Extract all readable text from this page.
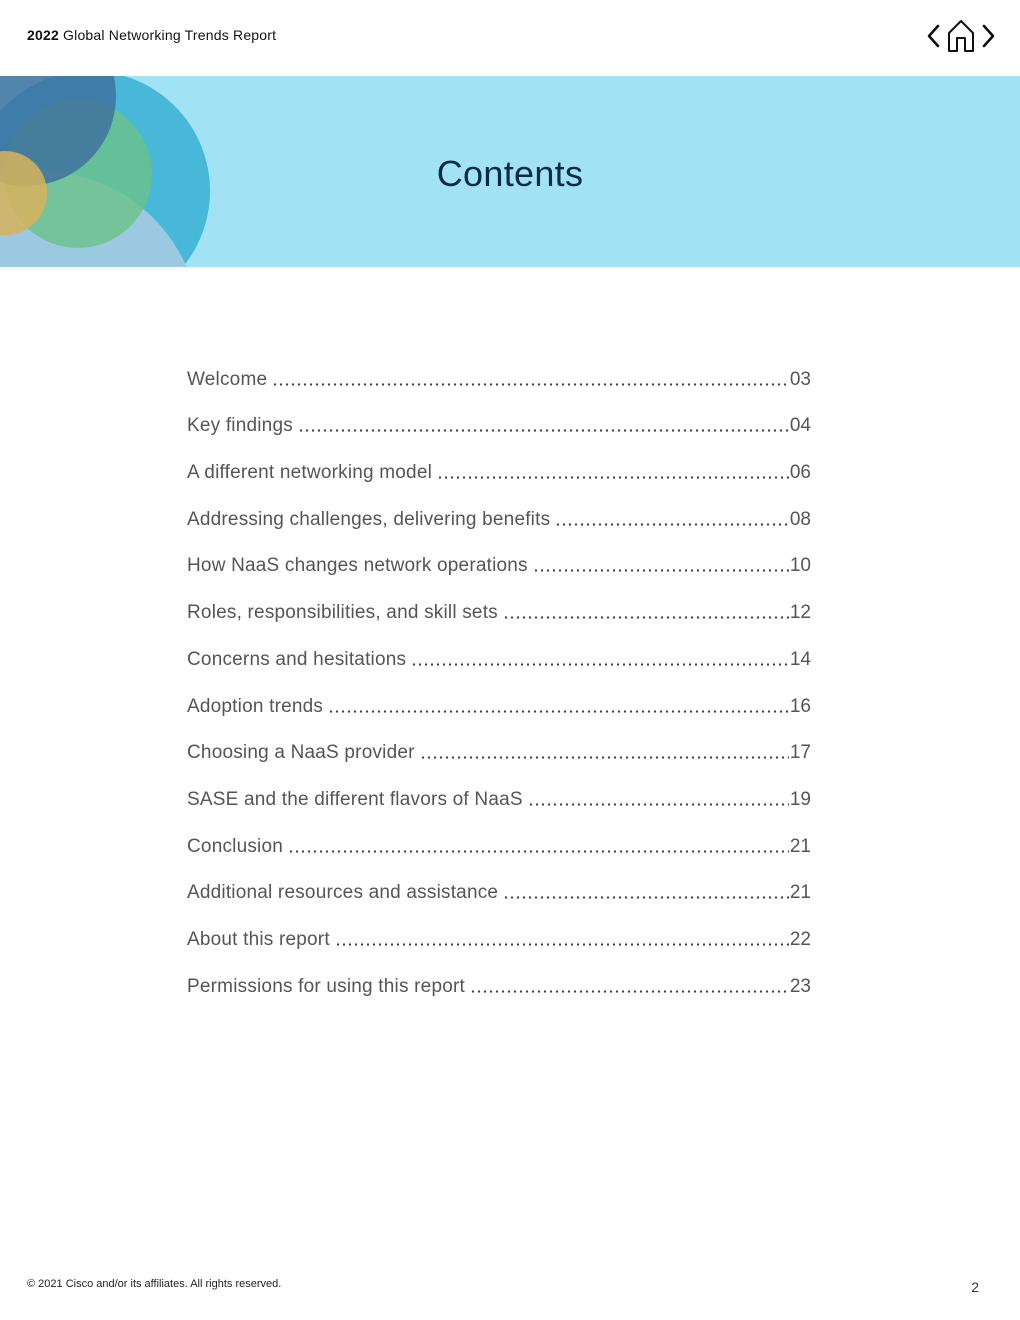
2022 Global Networking Trends Report
Contents
Welcome	03
Key findings	04
A different networking model	06
Addressing challenges, delivering benefits	08
How NaaS changes network operations	10
Roles, responsibilities, and skill sets	12
Concerns and hesitations	14
Adoption trends	16
Choosing a NaaS provider	17
SASE and the different flavors of NaaS	19
Conclusion	21
Additional resources and assistance	21
About this report	22
Permissions for using this report	23
© 2021 Cisco and/or its affiliates. All rights reserved.	2
